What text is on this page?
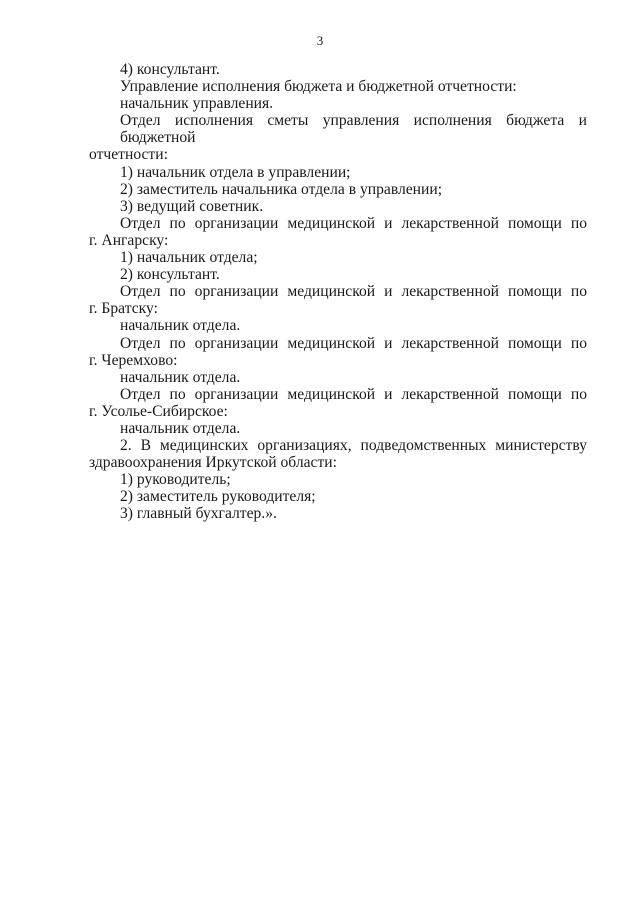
3
4) консультант.
Управление исполнения бюджета и бюджетной отчетности:
начальник управления.
Отдел исполнения сметы управления исполнения бюджета и бюджетной
отчетности:
1) начальник отдела в управлении;
2) заместитель начальника отдела в управлении;
3) ведущий советник.
Отдел по организации медицинской и лекарственной помощи по
г. Ангарску:
1) начальник отдела;
2) консультант.
Отдел по организации медицинской и лекарственной помощи по
г. Братску:
начальник отдела.
Отдел по организации медицинской и лекарственной помощи по
г. Черемхово:
начальник отдела.
Отдел по организации медицинской и лекарственной помощи по
г. Усолье-Сибирское:
начальник отдела.
2. В медицинских организациях, подведомственных министерству
здравоохранения Иркутской области:
1) руководитель;
2) заместитель руководителя;
3) главный бухгалтер.».
